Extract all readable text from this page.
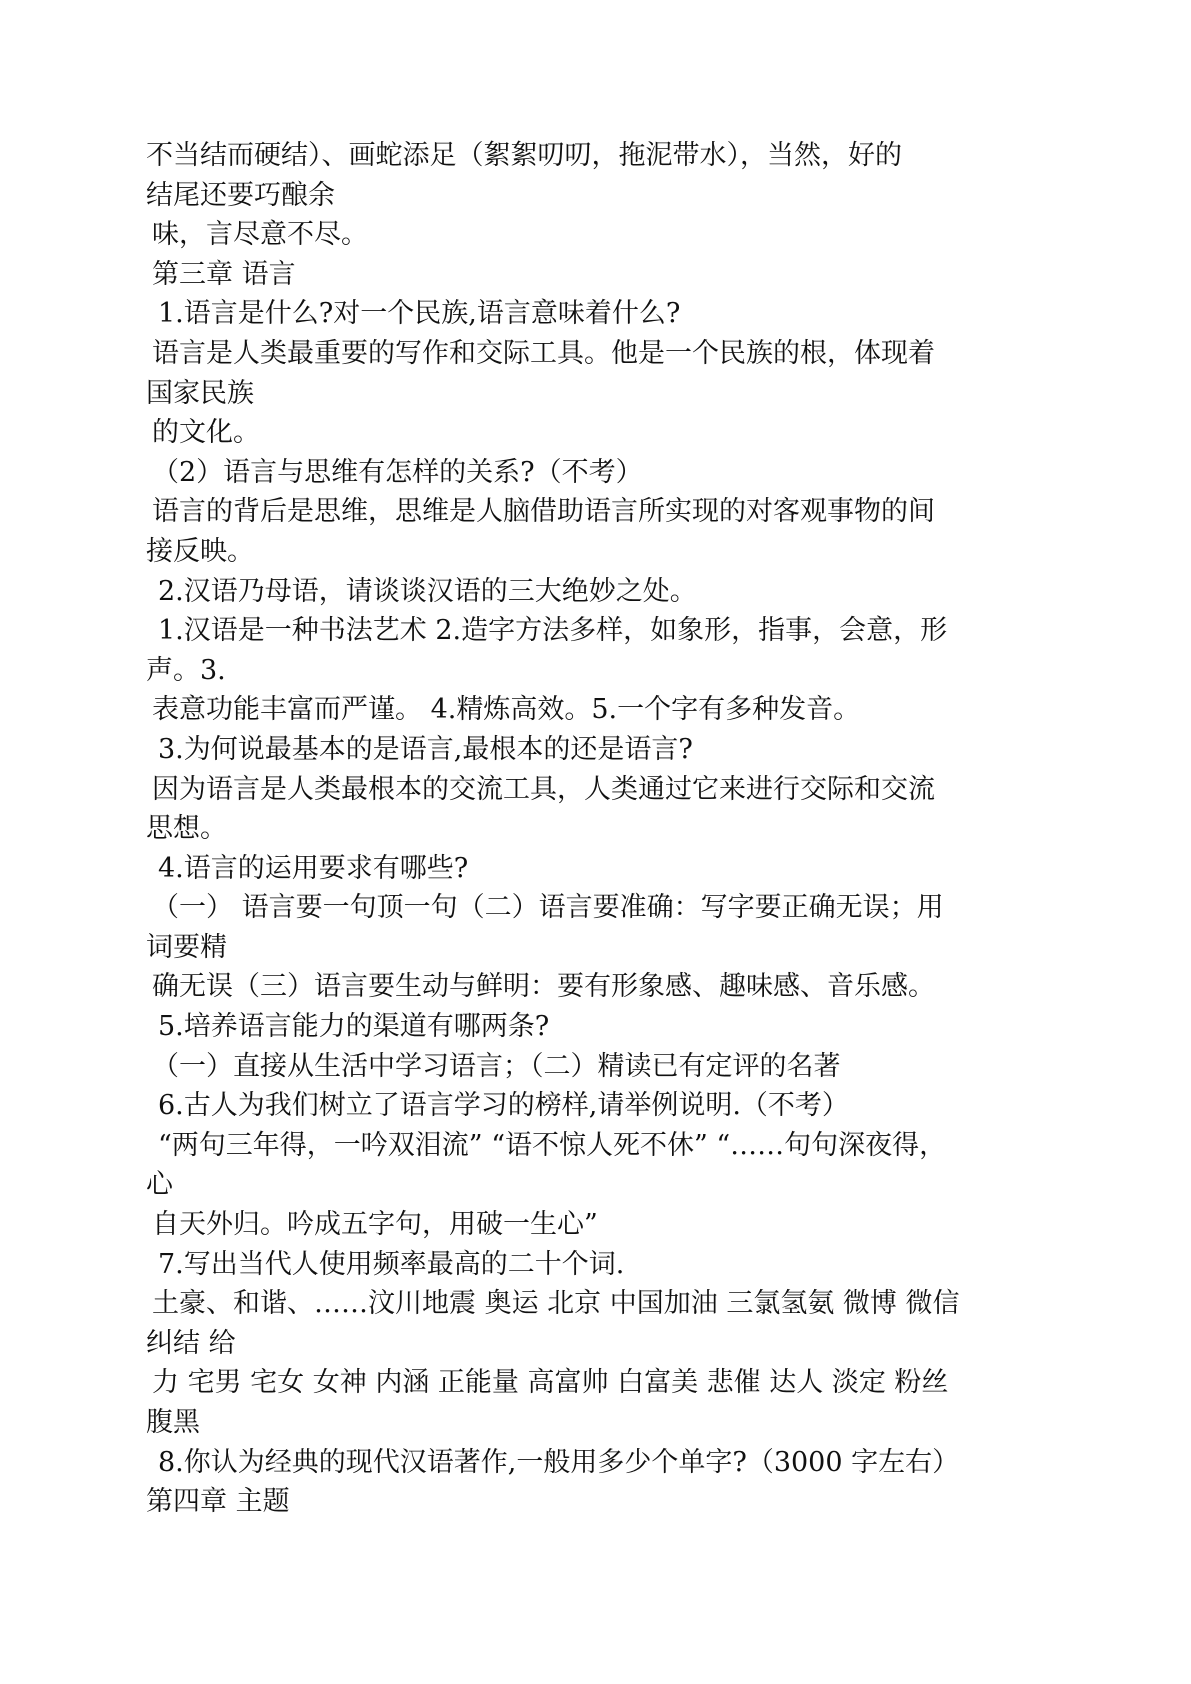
不当结而硬结）、画蛇添足（絮絮叨叨，拖泥带水），当然，好的

结尾还要巧酿余

味，言尽意不尽。

第三章 语言

1.语言是什么?对一个民族,语言意味着什么?

语言是人类最重要的写作和交际工具。他是一个民族的根，体现着

国家民族

的文化。

（2）语言与思维有怎样的关系?（不考）

语言的背后是思维，思维是人脑借助语言所实现的对客观事物的间

接反映。

2.汉语乃母语，请谈谈汉语的三大绝妙之处。

1.汉语是一种书法艺术 2.造字方法多样，如象形，指事，会意，形

声。3.

表意功能丰富而严谨。 4.精炼高效。5.一个字有多种发音。

3.为何说最基本的是语言,最根本的还是语言?

因为语言是人类最根本的交流工具，人类通过它来进行交际和交流

思想。

4.语言的运用要求有哪些?

（一） 语言要一句顶一句（二）语言要准确：写字要正确无误；用

词要精

确无误（三）语言要生动与鲜明：要有形象感、趣味感、音乐感。

5.培养语言能力的渠道有哪两条?

（一）直接从生活中学习语言；（二）精读已有定评的名著

6.古人为我们树立了语言学习的榜样,请举例说明.（不考）

“两句三年得，一吟双泪流” “语不惊人死不休” “……句句深夜得，

心

自天外归。吟成五字句，用破一生心”

7.写出当代人使用频率最高的二十个词.

土豪、和谐、……汶川地震 奥运 北京 中国加油 三氯氢氨 微博 微信

纠结 给

力 宅男 宅女 女神 内涵 正能量 高富帅 白富美 悲催 达人 淡定 粉丝

腹黑

8.你认为经典的现代汉语著作,一般用多少个单字?（3000 字左右）

第四章 主题
